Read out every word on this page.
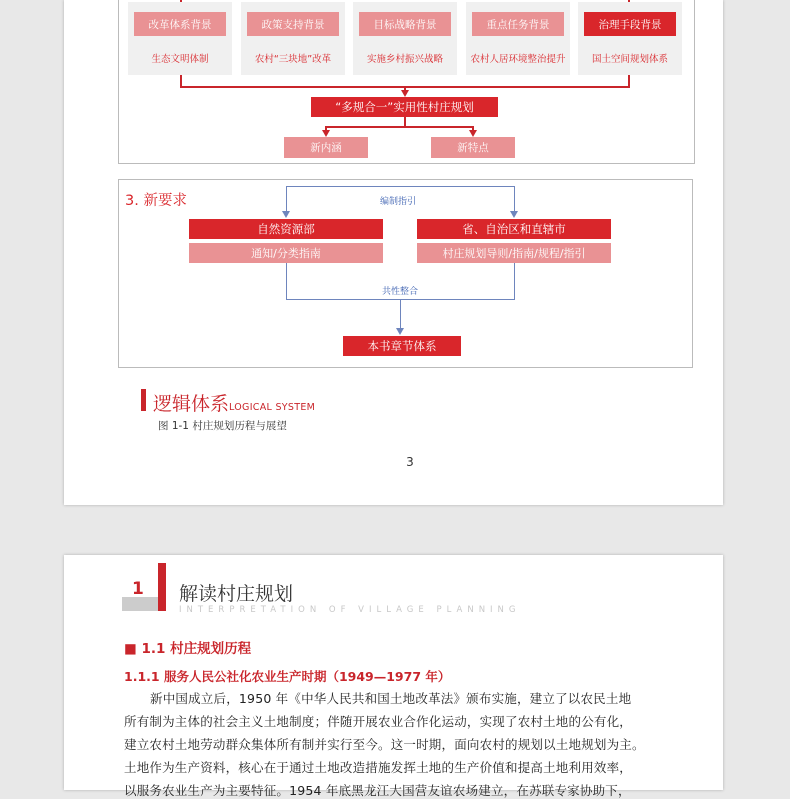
改革体系背景	政策支持背景	目标战略背景	重点任务背景	治理手段背景
生态文明体制	农村“三块地”改革	实施乡村振兴战略	农村人居环境整治提升	国土空间规划体系
“多规合一”实用性村庄规划
新内涵	新特点
3. 新要求	编制指引
自然资源部
通知/分类指南
省、自治区和直辖市
村庄规划导则/指南/规程/指引
共性整合
本书章节体系
逻辑体系LOGICAL SYSTEM
图 1-1 村庄规划历程与展望
3
1 解读村庄规划
INTERPRETATION OF VILLAGE PLANNING
■ 1.1 村庄规划历程
1.1.1 服务人民公社化农业生产时期（1949—1977 年）
新中国成立后，1950 年《中华人民共和国土地改革法》颁布实施，建立了以农民土地
所有制为主体的社会主义土地制度；伴随开展农业合作化运动，实现了农村土地的公有化，
建立农村土地劳动群众集体所有制并实行至今。这一时期，面向农村的规划以土地规划为主。
土地作为生产资料，核心在于通过土地改造措施发挥土地的生产价值和提高土地利用效率，
以服务农业生产为主要特征。1954 年底黑龙江大国营友谊农场建立，在苏联专家协助下，
